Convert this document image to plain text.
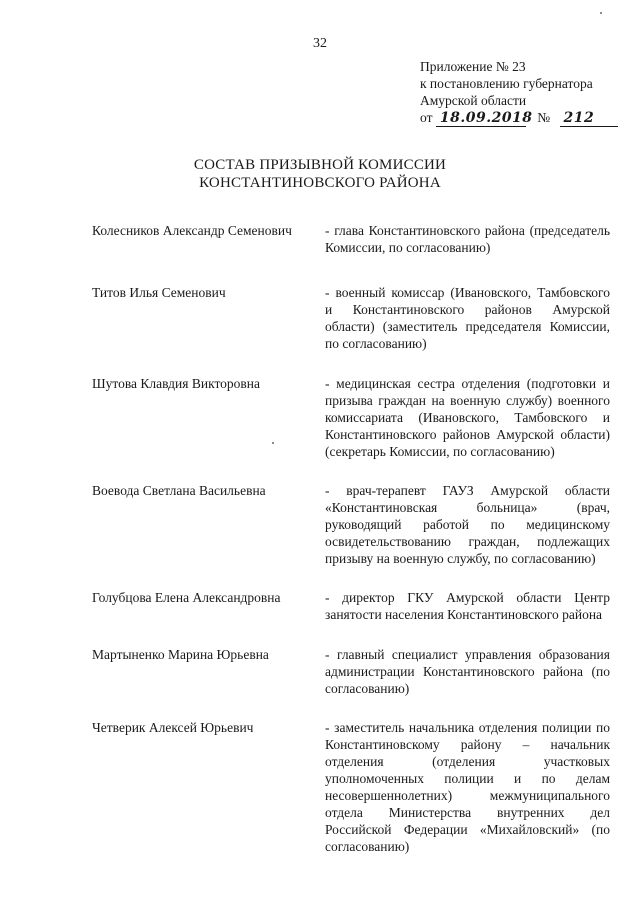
32
Приложение № 23
к постановлению губернатора
Амурской области
от 18.09.2018 № 212
СОСТАВ ПРИЗЫВНОЙ КОМИССИИ
КОНСТАНТИНОВСКОГО РАЙОНА
Колесников Александр Семенович	- глава Константиновского района (председатель Комиссии, по согласованию)
Титов Илья Семенович	- военный комиссар (Ивановского, Тамбовского и Константиновского районов Амурской области) (заместитель председателя Комиссии, по согласованию)
Шутова Клавдия Викторовна	- медицинская сестра отделения (подготовки и призыва граждан на военную службу) военного комиссариата (Ивановского, Тамбовского и Константиновского районов Амурской области) (секретарь Комиссии, по согласованию)
Воевода Светлана Васильевна	- врач-терапевт ГАУЗ Амурской области «Константиновская больница» (врач, руководящий работой по медицинскому освидетельствованию граждан, подлежащих призыву на военную службу, по согласованию)
Голубцова Елена Александровна	- директор ГКУ Амурской области Центр занятости населения Константиновского района
Мартыненко Марина Юрьевна	- главный специалист управления образования администрации Константиновского района (по согласованию)
Четверик Алексей Юрьевич	- заместитель начальника отделения полиции по Константиновскому району – начальник отделения (отделения участковых уполномоченных полиции и по делам несовершеннолетних) межмуниципального отдела Министерства внутренних дел Российской Федерации «Михайловский» (по согласованию)
